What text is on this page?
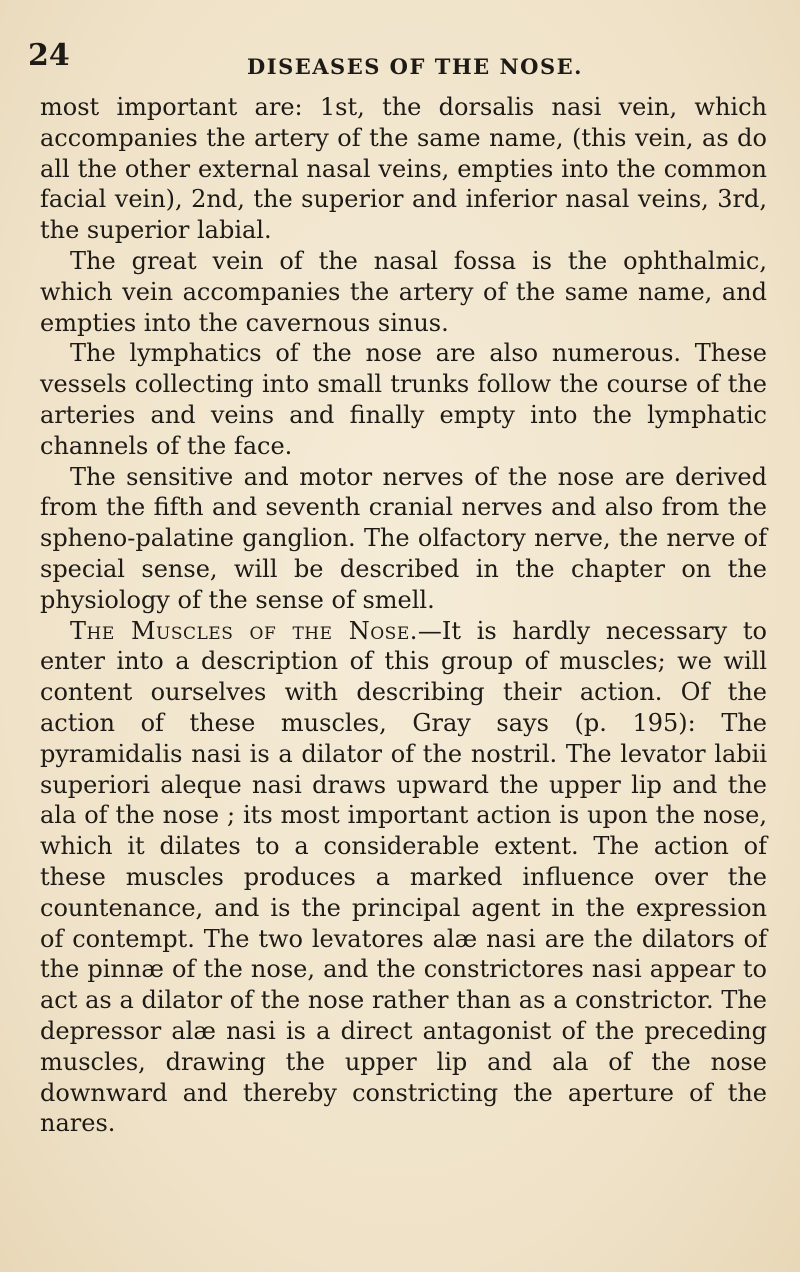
24	DISEASES OF THE NOSE.

most important are: 1st, the dorsalis nasi vein, which accompanies the artery of the same name, (this vein, as do all the other external nasal veins, empties into the common facial vein), 2nd, the superior and inferior nasal veins, 3rd, the superior labial.

The great vein of the nasal fossa is the ophthalmic, which vein accompanies the artery of the same name, and empties into the cavernous sinus.

The lymphatics of the nose are also numerous. These vessels collecting into small trunks follow the course of the arteries and veins and finally empty into the lymphatic channels of the face.

The sensitive and motor nerves of the nose are derived from the fifth and seventh cranial nerves and also from the spheno-palatine ganglion. The olfactory nerve, the nerve of special sense, will be described in the chapter on the physiology of the sense of smell.

The Muscles of the Nose.—It is hardly necessary to enter into a description of this group of muscles; we will content ourselves with describing their action. Of the action of these muscles, Gray says (p. 195): The pyramidalis nasi is a dilator of the nostril. The levator labii superiori aleque nasi draws upward the upper lip and the ala of the nose ; its most important action is upon the nose, which it dilates to a considerable extent. The action of these muscles produces a marked influence over the countenance, and is the principal agent in the expression of contempt. The two levatores alæ nasi are the dilators of the pinnæ of the nose, and the constrictores nasi appear to act as a dilator of the nose rather than as a constrictor. The depressor alæ nasi is a direct antagonist of the preceding muscles, drawing the upper lip and ala of the nose downward and thereby constricting the aperture of the nares.
